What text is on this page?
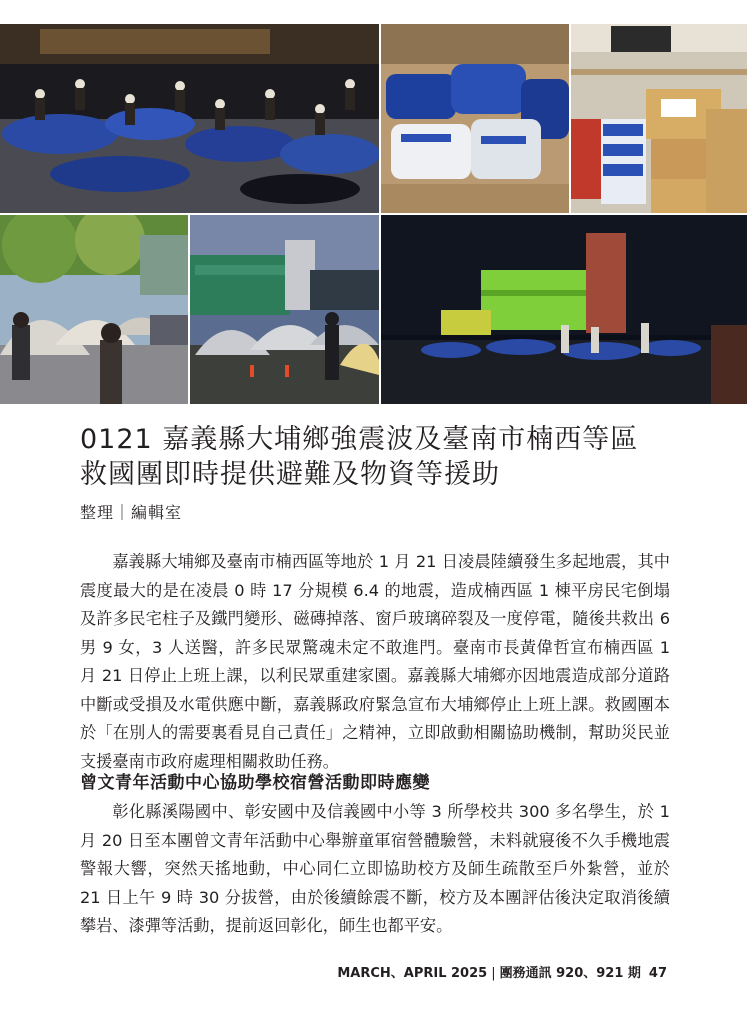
0121 嘉義縣大埔鄉強震波及臺南市楠西等區
救國團即時提供避難及物資等援助
整理｜編輯室

嘉義縣大埔鄉及臺南市楠西區等地於 1 月 21 日凌晨陸續發生多起地震，其中震度最大的是在凌晨 0 時 17 分規模 6.4 的地震，造成楠西區 1 棟平房民宅倒塌及許多民宅柱子及鐵門變形、磁磚掉落、窗戶玻璃碎裂及一度停電，隨後共救出 6 男 9 女，3 人送醫，許多民眾驚魂未定不敢進門。臺南市長黃偉哲宣布楠西區 1 月 21 日停止上班上課，以利民眾重建家園。嘉義縣大埔鄉亦因地震造成部分道路中斷或受損及水電供應中斷，嘉義縣政府緊急宣布大埔鄉停止上班上課。救國團本於「在別人的需要裏看見自己責任」之精神，立即啟動相關協助機制，幫助災民並支援臺南市政府處理相關救助任務。

曾文青年活動中心協助學校宿營活動即時應變

彰化縣溪陽國中、彰安國中及信義國中小等 3 所學校共 300 多名學生，於 1 月 20 日至本團曾文青年活動中心舉辦童軍宿營體驗營，未料就寢後不久手機地震警報大響，突然天搖地動，中心同仁立即協助校方及師生疏散至戶外紮營，並於 21 日上午 9 時 30 分拔營，由於後續餘震不斷，校方及本團評估後決定取消後續攀岩、漆彈等活動，提前返回彰化，師生也都平安。

MARCH、APRIL 2025 | 團務通訊 920、921 期 47
